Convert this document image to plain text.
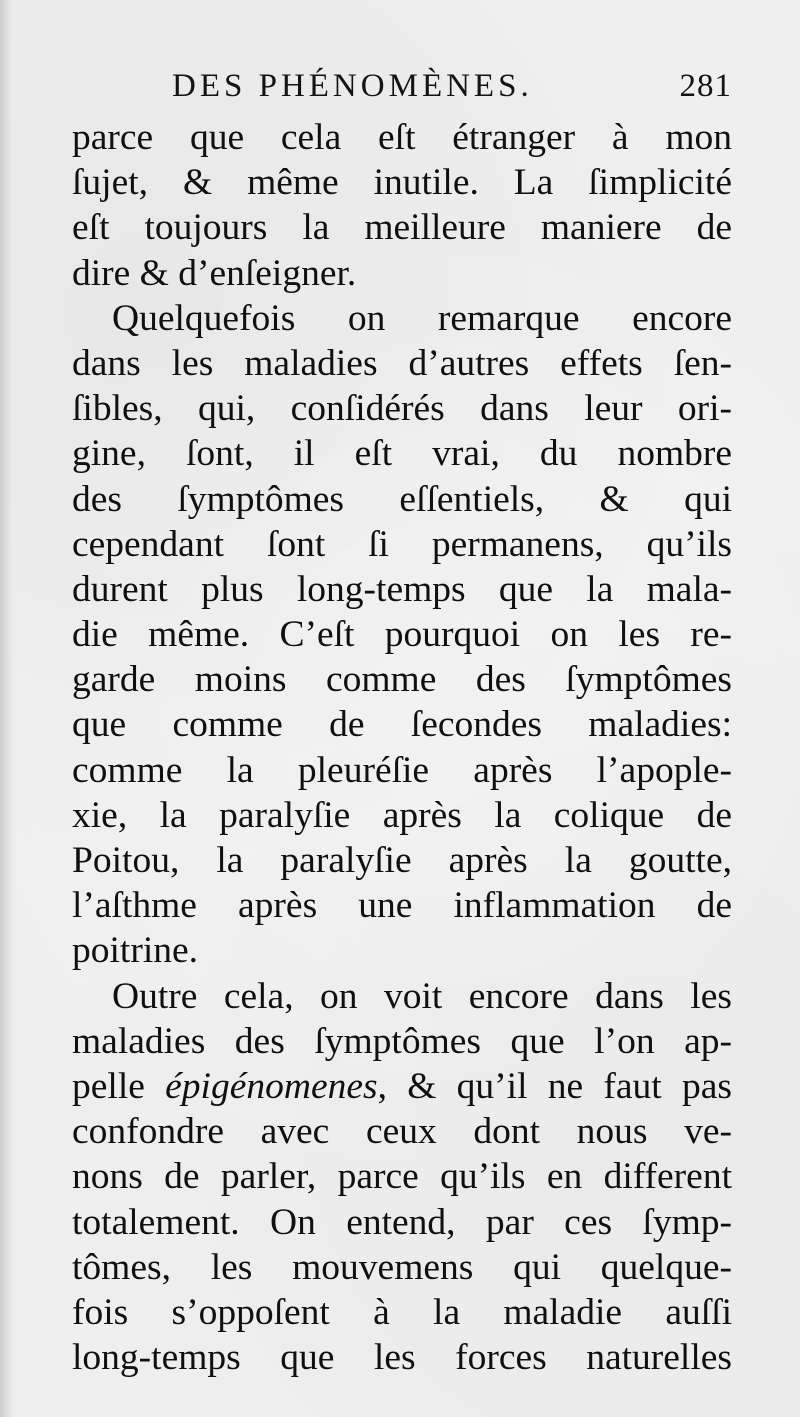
DES PHÉNOMÈNES.	281
parce que cela eſt étranger à mon
ſujet, & même inutile. La ſimplicité
eſt toujours la meilleure maniere de
dire & d’enſeigner.
Quelquefois on remarque encore
dans les maladies d’autres effets ſen-
ſibles, qui, conſidérés dans leur ori-
gine, ſont, il eſt vrai, du nombre
des ſymptômes eſſentiels, & qui
cependant ſont ſi permanens, qu’ils
durent plus long-temps que la mala-
die même. C’eſt pourquoi on les re-
garde moins comme des ſymptômes
que comme de ſecondes maladies:
comme la pleuréſie après l’apople-
xie, la paralyſie après la colique de
Poitou, la paralyſie après la goutte,
l’aſthme après une inflammation de
poitrine.
Outre cela, on voit encore dans les
maladies des ſymptômes que l’on ap-
pelle épigénomenes, & qu’il ne faut pas
confondre avec ceux dont nous ve-
nons de parler, parce qu’ils en different
totalement. On entend, par ces ſymp-
tômes, les mouvemens qui quelque-
fois s’oppoſent à la maladie auſſi
long-temps que les forces naturelles
